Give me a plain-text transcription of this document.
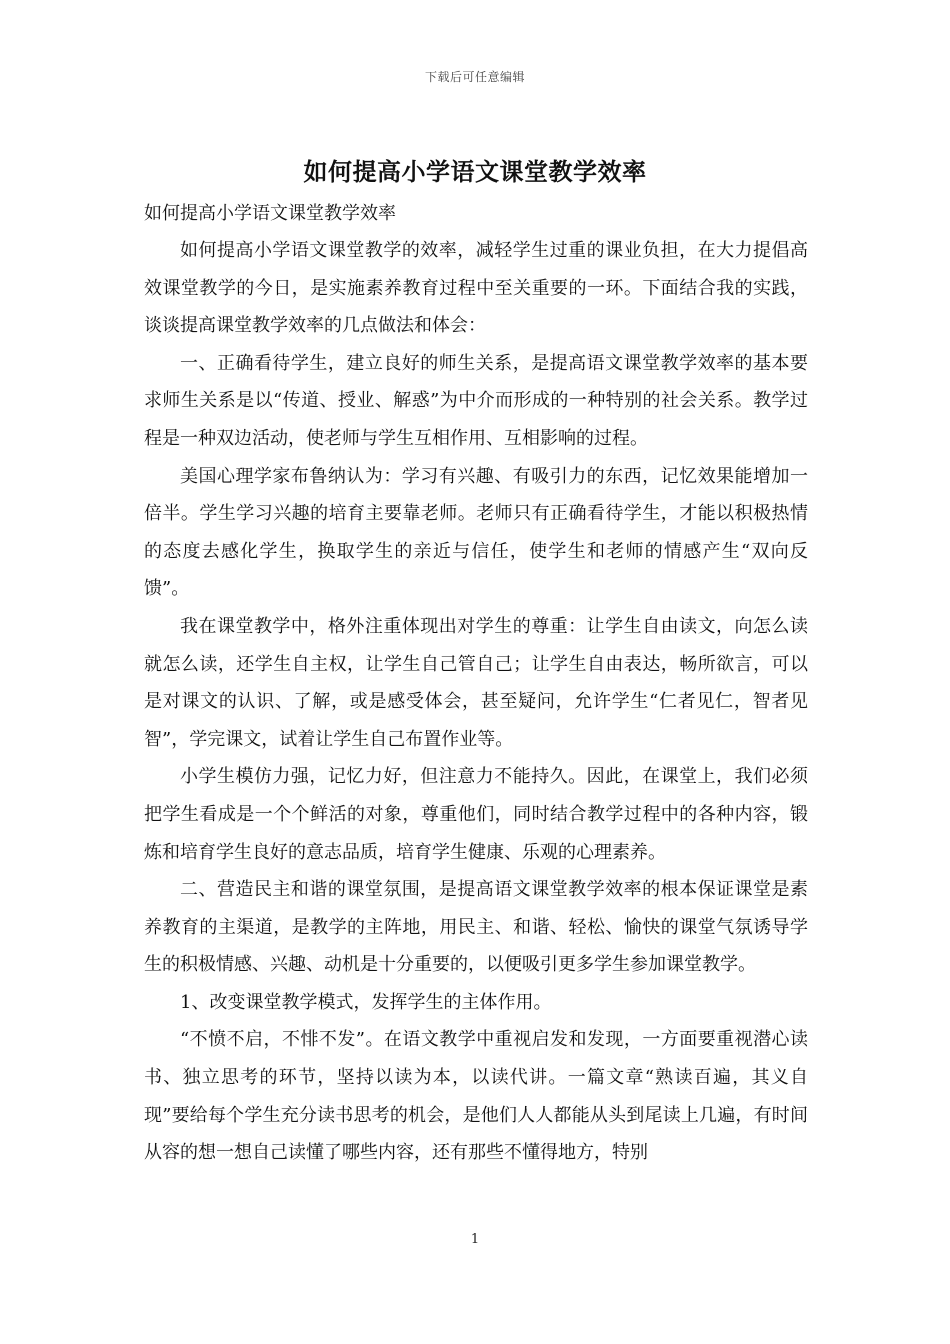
下载后可任意编辑
如何提高小学语文课堂教学效率

如何提高小学语文课堂教学效率

如何提高小学语文课堂教学的效率，减轻学生过重的课业负担，在大力提倡高效课堂教学的今日，是实施素养教育过程中至关重要的一环。下面结合我的实践，谈谈提高课堂教学效率的几点做法和体会：

一、正确看待学生，建立良好的师生关系，是提高语文课堂教学效率的基本要求师生关系是以“传道、授业、解惑”为中介而形成的一种特别的社会关系。教学过程是一种双边活动，使老师与学生互相作用、互相影响的过程。

美国心理学家布鲁纳认为：学习有兴趣、有吸引力的东西，记忆效果能增加一倍半。学生学习兴趣的培育主要靠老师。老师只有正确看待学生，才能以积极热情的态度去感化学生，换取学生的亲近与信任，使学生和老师的情感产生“双向反馈”。

我在课堂教学中，格外注重体现出对学生的尊重：让学生自由读文，向怎么读就怎么读，还学生自主权，让学生自己管自己；让学生自由表达，畅所欲言，可以是对课文的认识、了解，或是感受体会，甚至疑问，允许学生“仁者见仁，智者见智”，学完课文，试着让学生自己布置作业等。

小学生模仿力强，记忆力好，但注意力不能持久。因此，在课堂上，我们必须把学生看成是一个个鲜活的对象，尊重他们，同时结合教学过程中的各种内容，锻炼和培育学生良好的意志品质，培育学生健康、乐观的心理素养。

二、营造民主和谐的课堂氛围，是提高语文课堂教学效率的根本保证课堂是素养教育的主渠道，是教学的主阵地，用民主、和谐、轻松、愉快的课堂气氛诱导学生的积极情感、兴趣、动机是十分重要的，以便吸引更多学生参加课堂教学。

1、改变课堂教学模式，发挥学生的主体作用。

“不愤不启，不悱不发”。在语文教学中重视启发和发现，一方面要重视潜心读书、独立思考的环节，坚持以读为本，以读代讲。一篇文章“熟读百遍，其义自现”要给每个学生充分读书思考的机会，是他们人人都能从头到尾读上几遍，有时间从容的想一想自己读懂了哪些内容，还有那些不懂得地方，特别

1
